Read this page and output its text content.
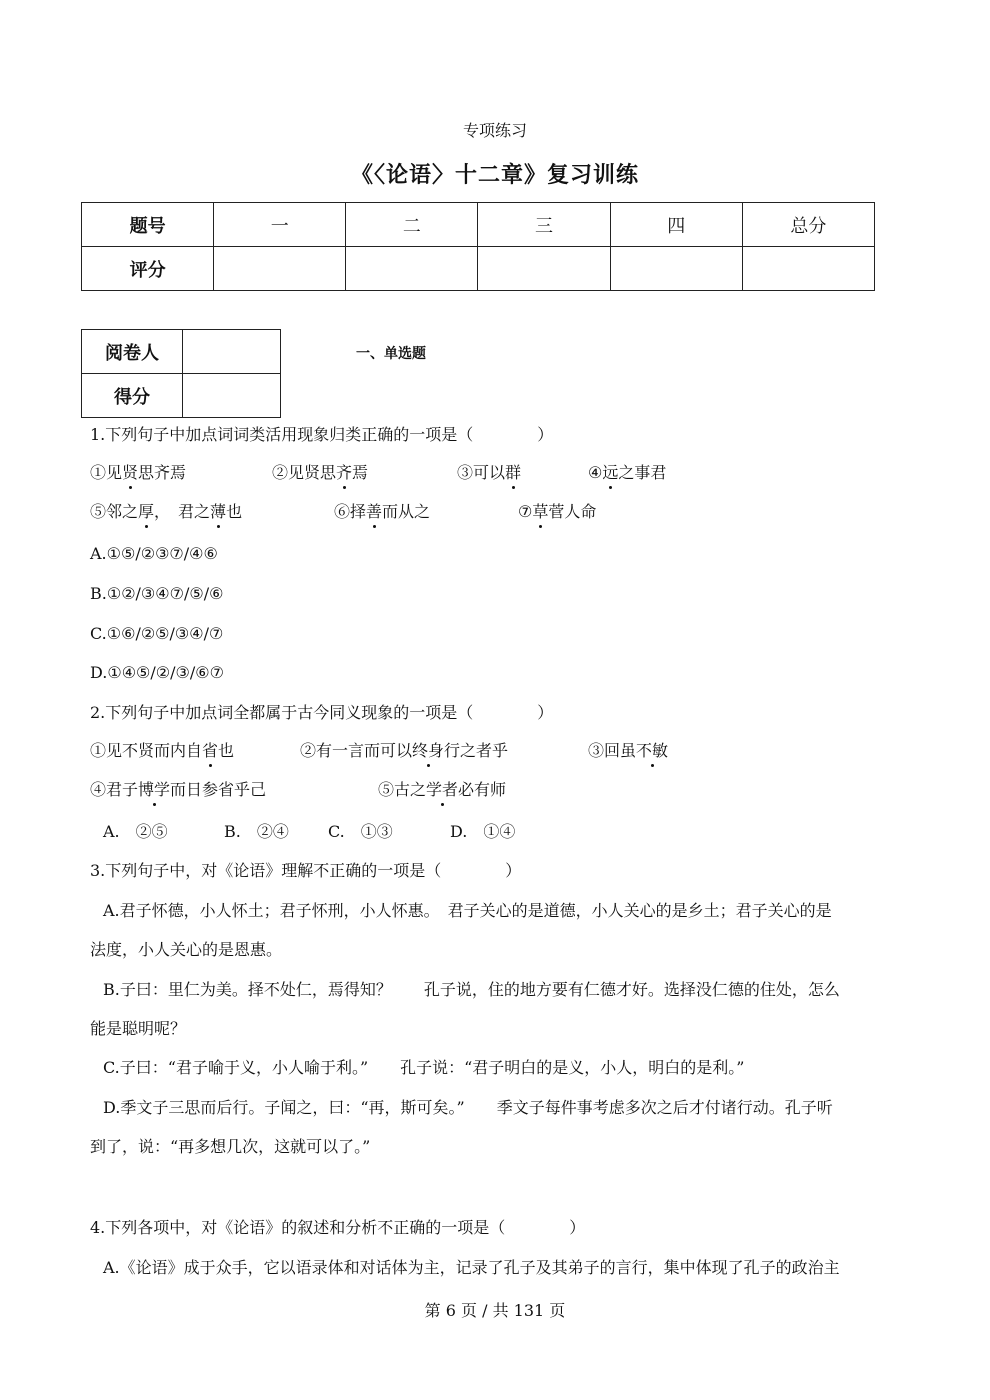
专项练习
《〈论语〉十二章》复习训练
题号	一	二	三	四	总分
评分					
阅卷人	
得分	
一、单选题
1.下列句子中加点词词类活用现象归类正确的一项是（　　　　）
①见贤思齐焉	②见贤思齐焉	③可以群	④远之事君
⑤邻之厚，　君之薄也	⑥择善而从之	⑦草菅人命
A.①⑤/②③⑦/④⑥
B.①②/③④⑦/⑤/⑥
C.①⑥/②⑤/③④/⑦
D.①④⑤/②/③/⑥⑦
2.下列句子中加点词全都属于古今同义现象的一项是（　　　　）
①见不贤而内自省也	②有一言而可以终身行之者乎	③回虽不敏
④君子博学而日参省乎己	⑤古之学者必有师
A.　②⑤	B.　②④ C.　①③	D.　①④
3.下列句子中，对《论语》理解不正确的一项是（　　　　）
A.君子怀德，小人怀土；君子怀刑，小人怀惠。　君子关心的是道德，小人关心的是乡土；君子关心的是
法度，小人关心的是恩惠。
B.子曰：里仁为美。择不处仁，焉得知？　　孔子说，住的地方要有仁德才好。选择没仁德的住处，怎么
能是聪明呢？
C.子曰：“君子喻于义，小人喻于利。”　　孔子说：“君子明白的是义，小人，明白的是利。”
D.季文子三思而后行。子闻之，曰：“再，斯可矣。”　　季文子每件事考虑多次之后才付诸行动。孔子听
到了，说：“再多想几次，这就可以了。”
4.下列各项中，对《论语》的叙述和分析不正确的一项是（　　　　）
A.《论语》成于众手，它以语录体和对话体为主，记录了孔子及其弟子的言行，集中体现了孔子的政治主
第 6 页 / 共 131 页
